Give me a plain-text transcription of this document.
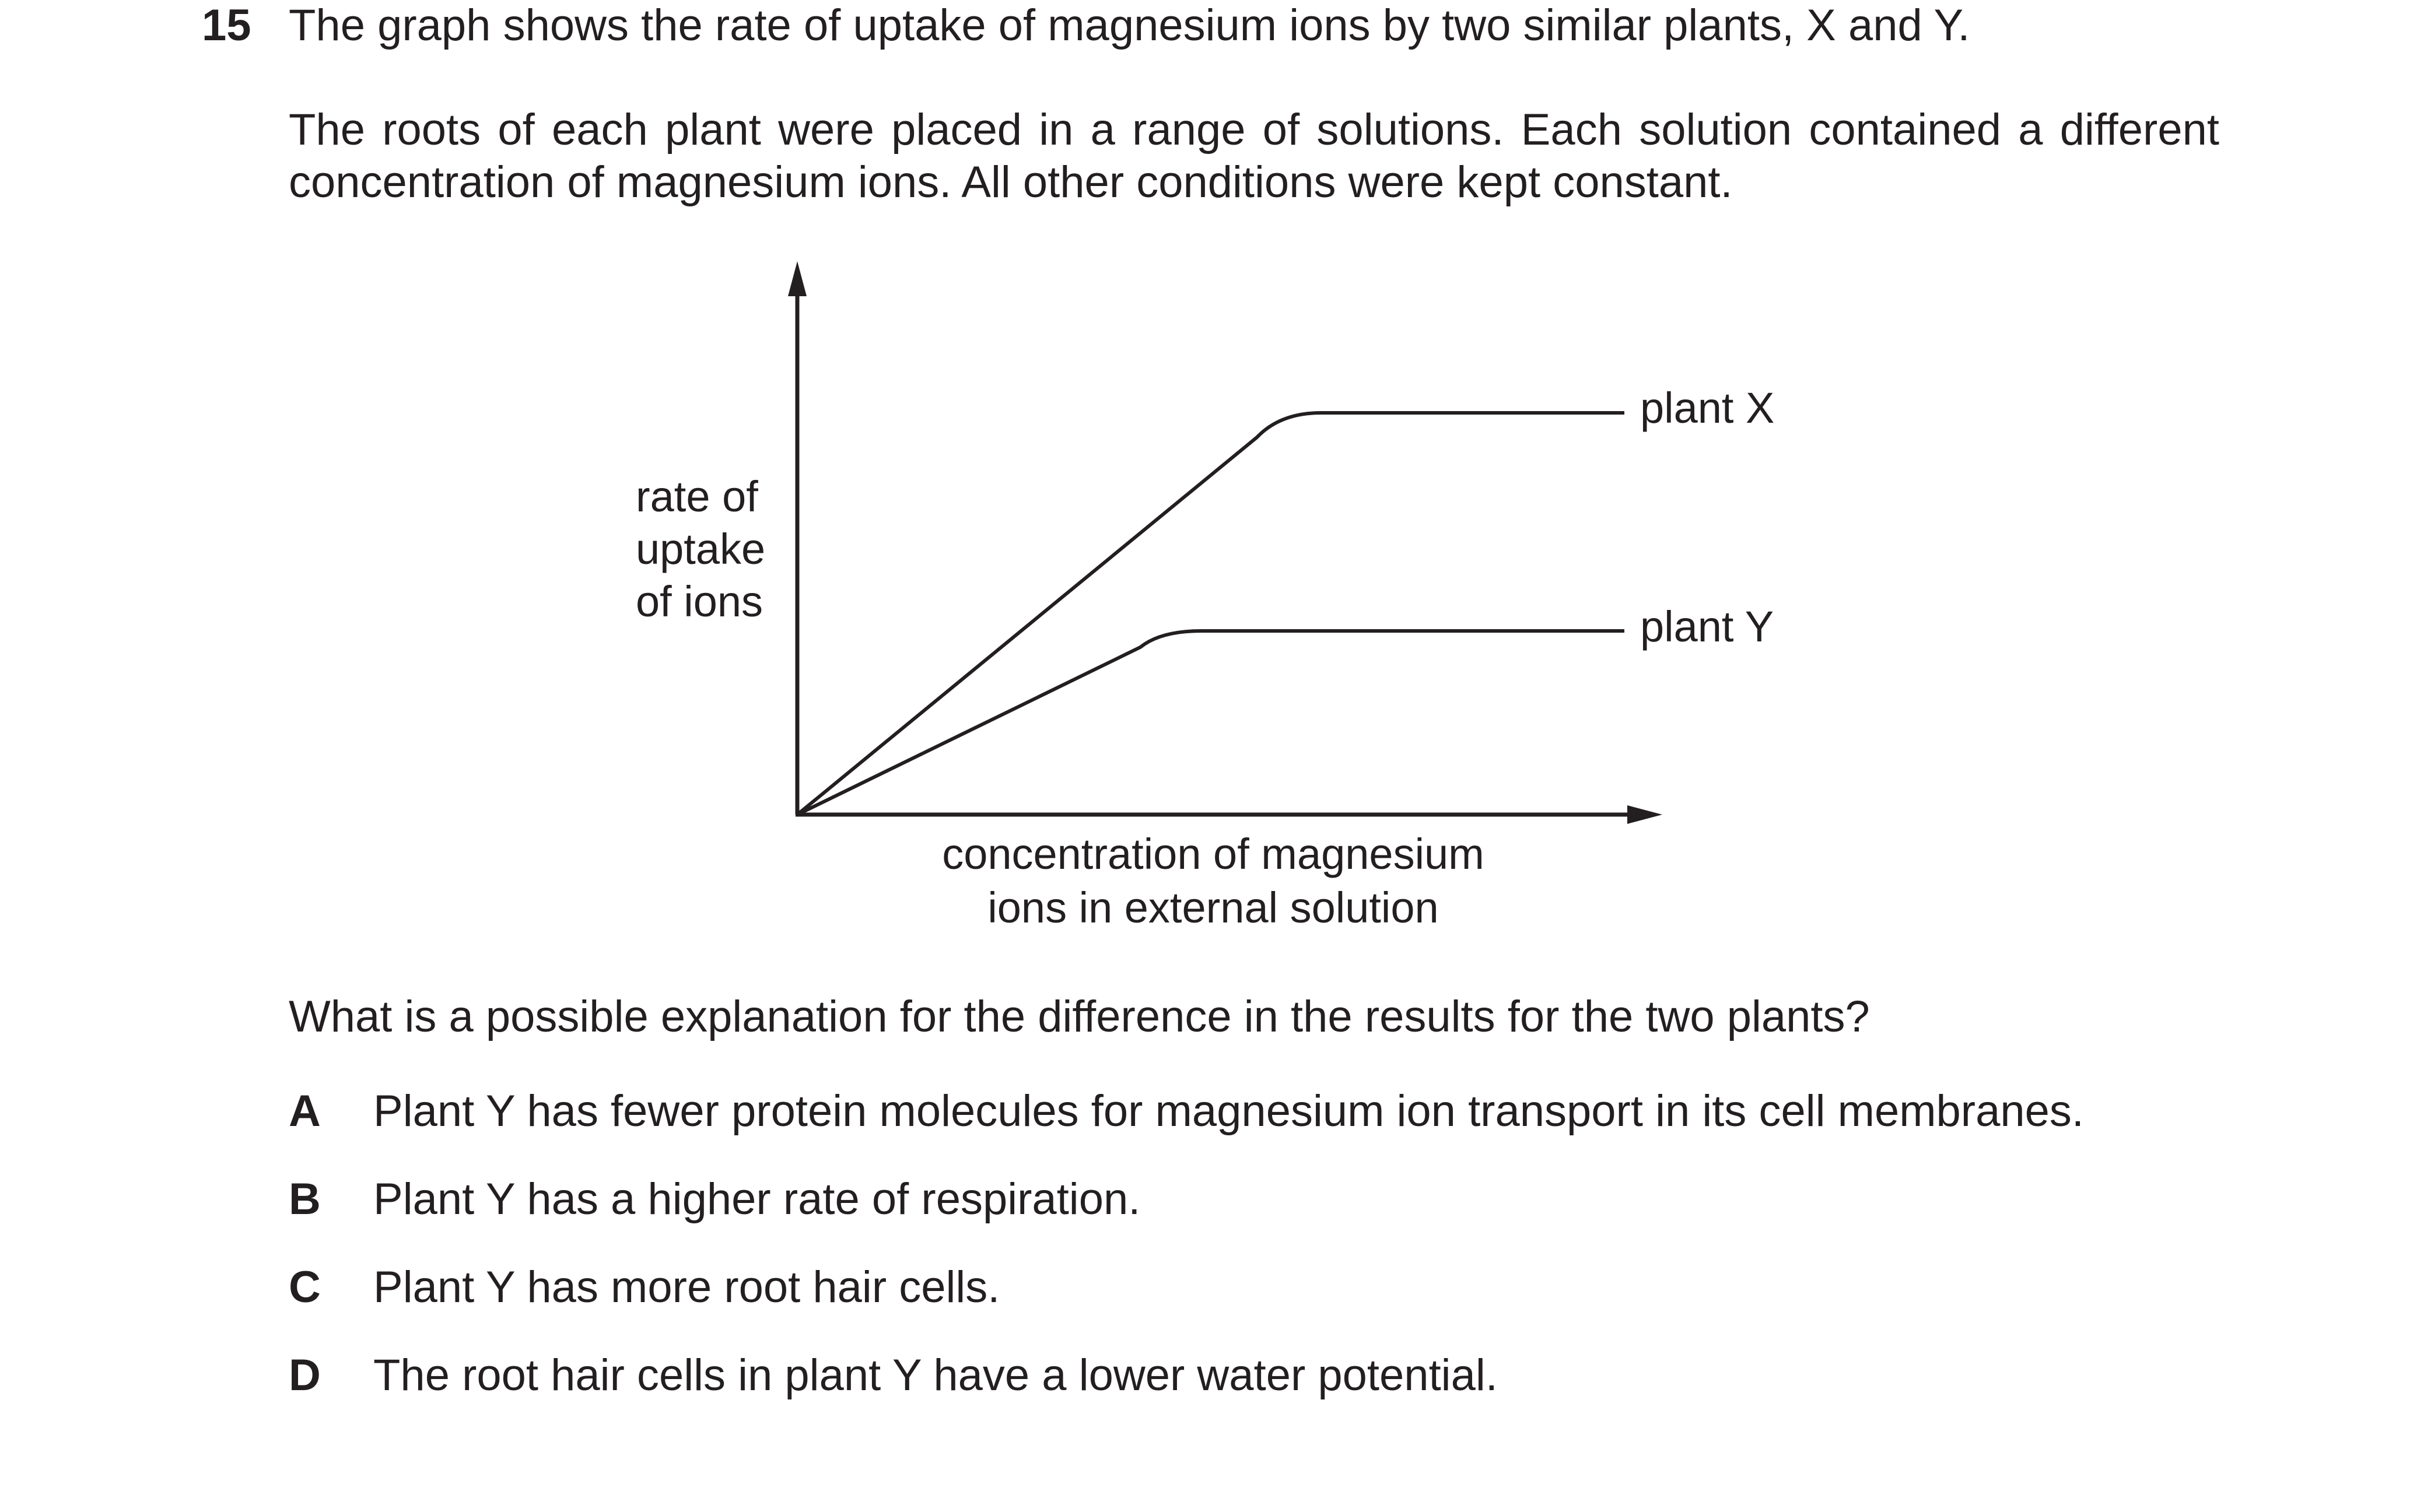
15 The graph shows the rate of uptake of magnesium ions by two similar plants, X and Y.
The roots of each plant were placed in a range of solutions. Each solution contained a different concentration of magnesium ions. All other conditions were kept constant.
plant X
plant Y
rate of
uptake
of ions
concentration of magnesium
ions in external solution
What is a possible explanation for the difference in the results for the two plants?
A Plant Y has fewer protein molecules for magnesium ion transport in its cell membranes.
B Plant Y has a higher rate of respiration.
C Plant Y has more root hair cells.
D The root hair cells in plant Y have a lower water potential.
